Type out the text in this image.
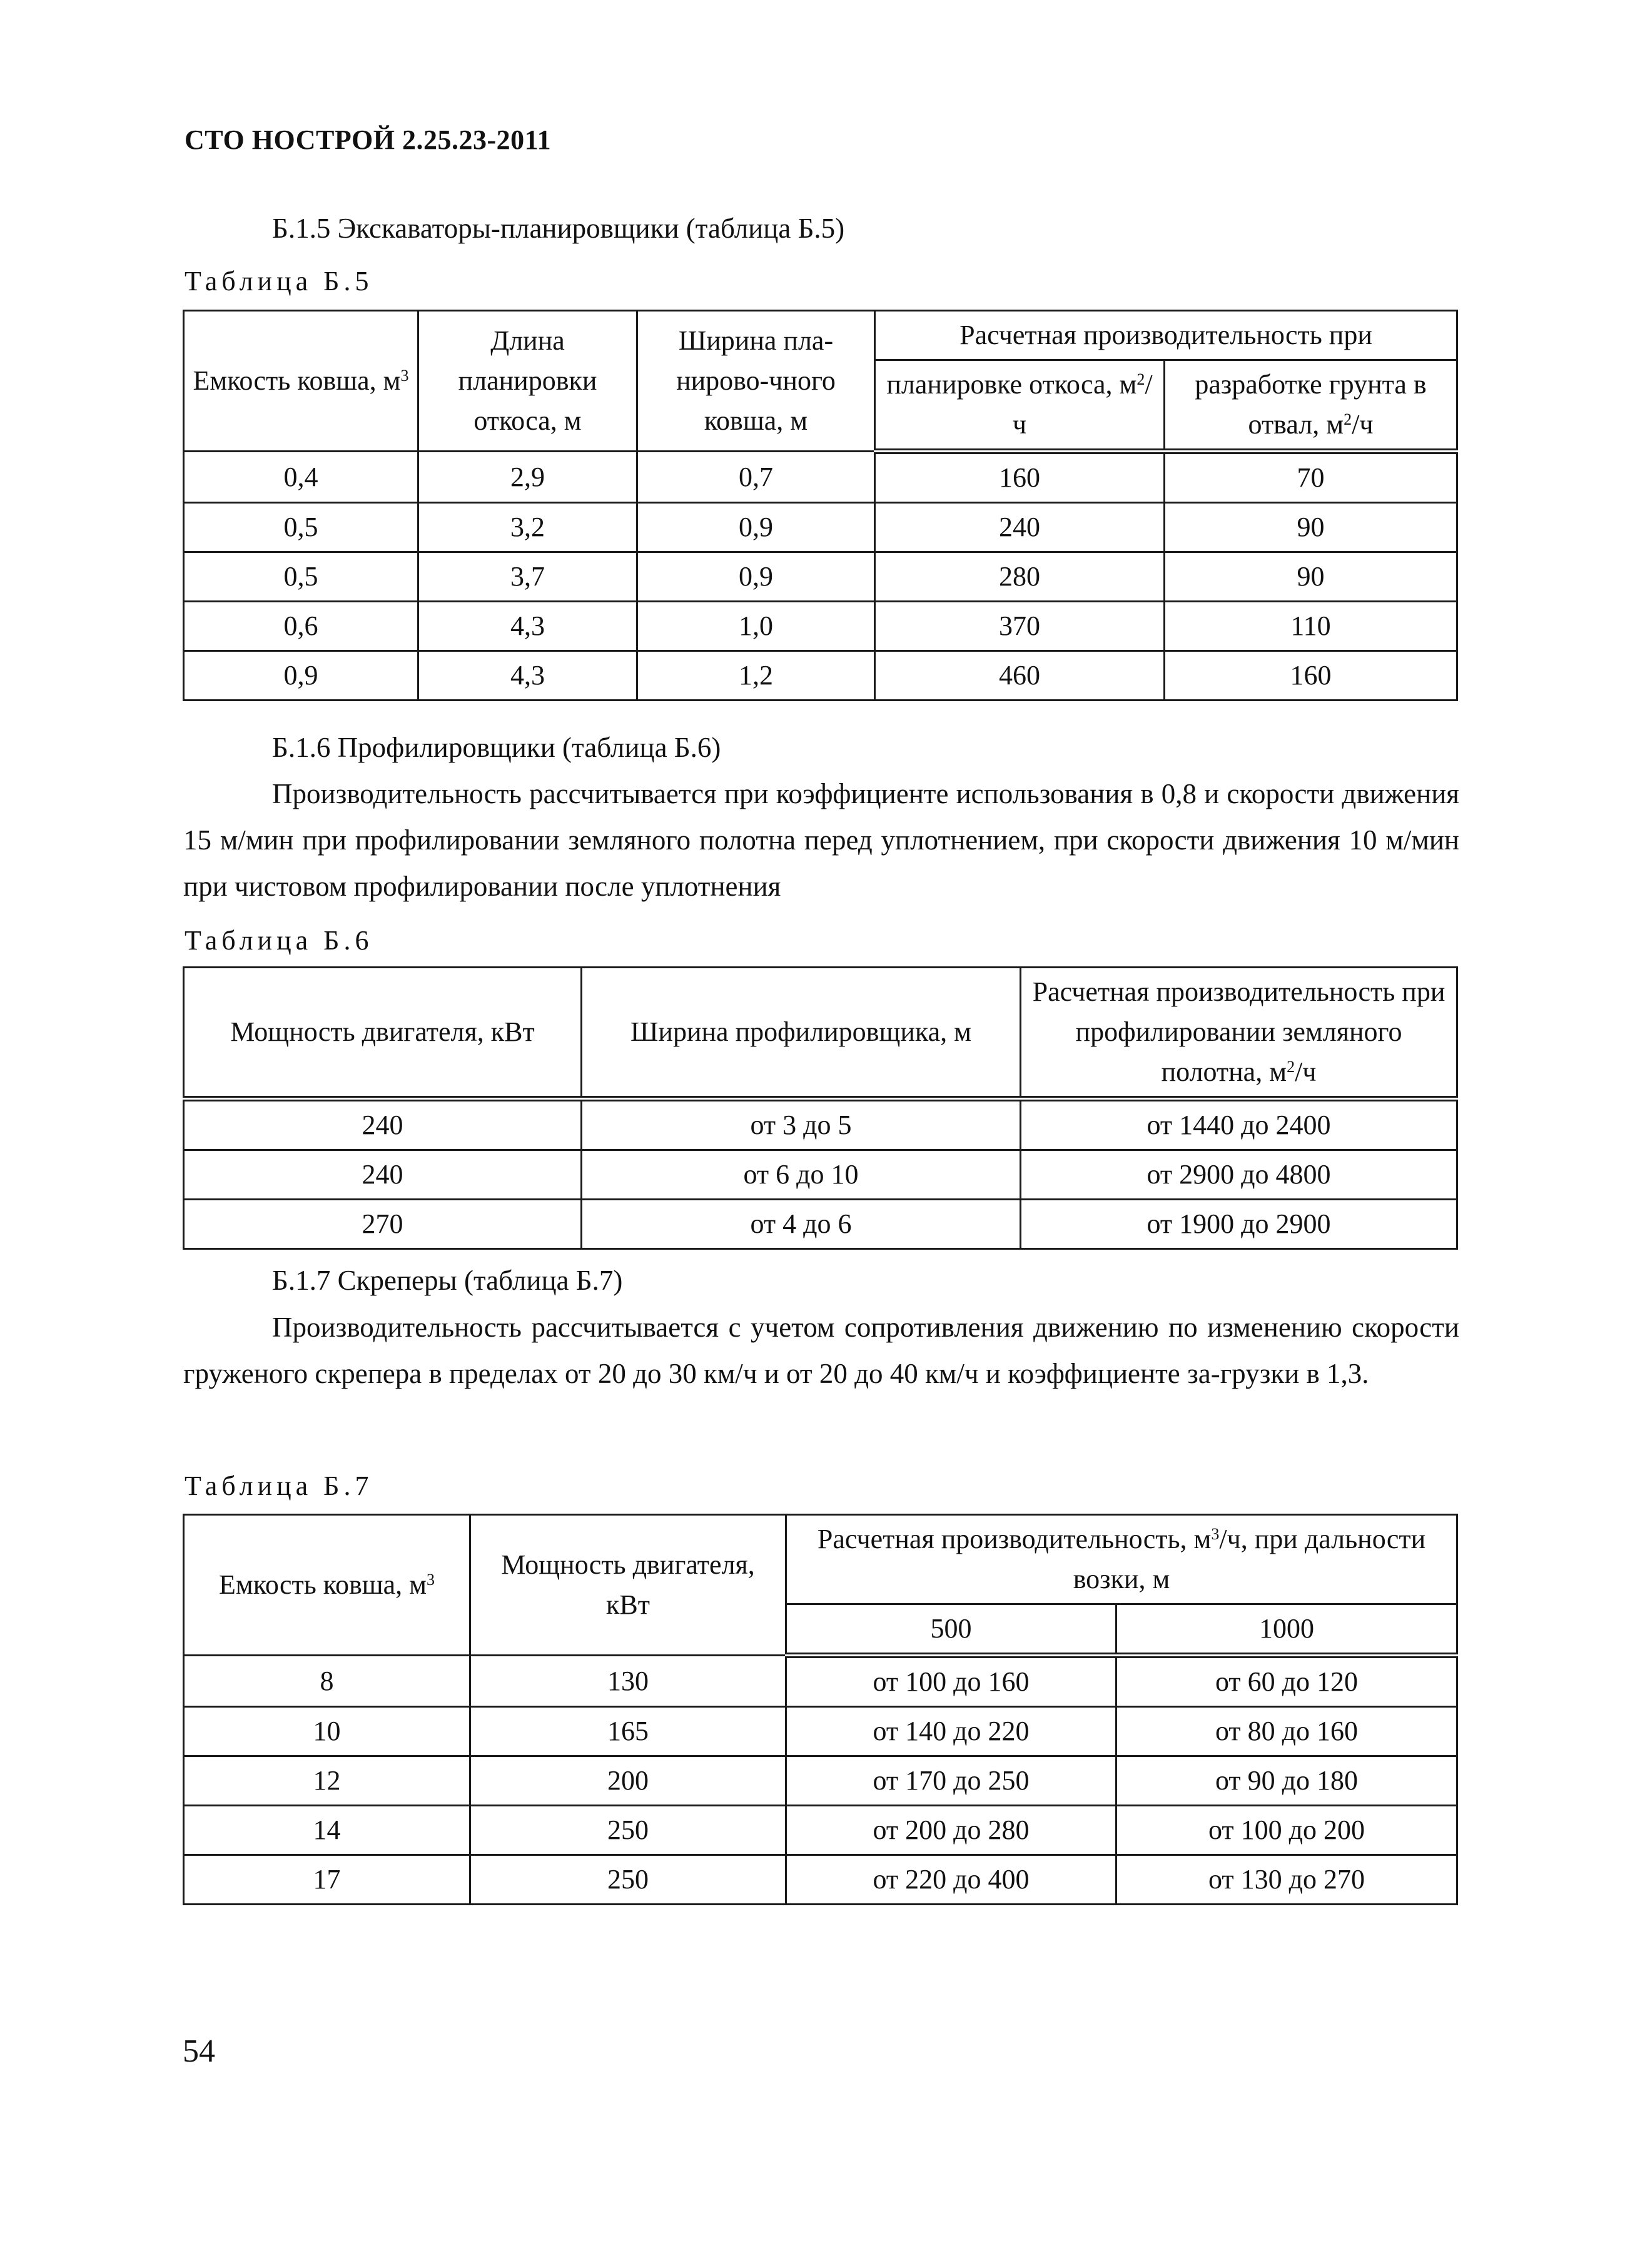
СТО НОСТРОЙ 2.25.23-2011
Б.1.5 Экскаваторы-планировщики (таблица Б.5)
Таблица Б.5
Емкость ковша, $м^3$	Длина планировки откоса, м	Ширина пла-нирово-чного ковша, м	Расчетная производительность при	
			планировке откоса, $м^2/ч$	разработке грунта в отвал, $м^2/ч$
0,4	2,9	0,7	160	70
0,5	3,2	0,9	240	90
0,5	3,7	0,9	280	90
0,6	4,3	1,0	370	110
0,9	4,3	1,2	460	160
Б.1.6 Профилировщики (таблица Б.6)
Производительность рассчитывается при коэффициенте использования в 0,8 и скорости движения 15 м/мин при профилировании земляного полотна перед уплотнением, при скорости движения 10 м/мин при чистовом профилировании после уплотнения
Таблица Б.6
Мощность двигателя, кВт	Ширина профилировщика, м	Расчетная производительность при профилировании земляного полотна, $м^2/ч$
240	от 3 до 5	от 1440 до 2400
240	от 6 до 10	от 2900 до 4800
270	от 4 до 6	от 1900 до 2900
Б.1.7 Скреперы (таблица Б.7)
Производительность рассчитывается с учетом сопротивления движению по изменению скорости груженого скрепера в пределах от 20 до 30 км/ч и от 20 до 40 км/ч и коэффициенте за-грузки в 1,3.
Таблица Б.7
Емкость ковша, $м^3$	Мощность двигателя, кВт	Расчетная производительность, $м^3/ч$, при дальности возки, м	
		500	1000
8	130	от 100 до 160	от 60 до 120
10	165	от 140 до 220	от 80 до 160
12	200	от 170 до 250	от 90 до 180
14	250	от 200 до 280	от 100 до 200
17	250	от 220 до 400	от 130 до 270
54
